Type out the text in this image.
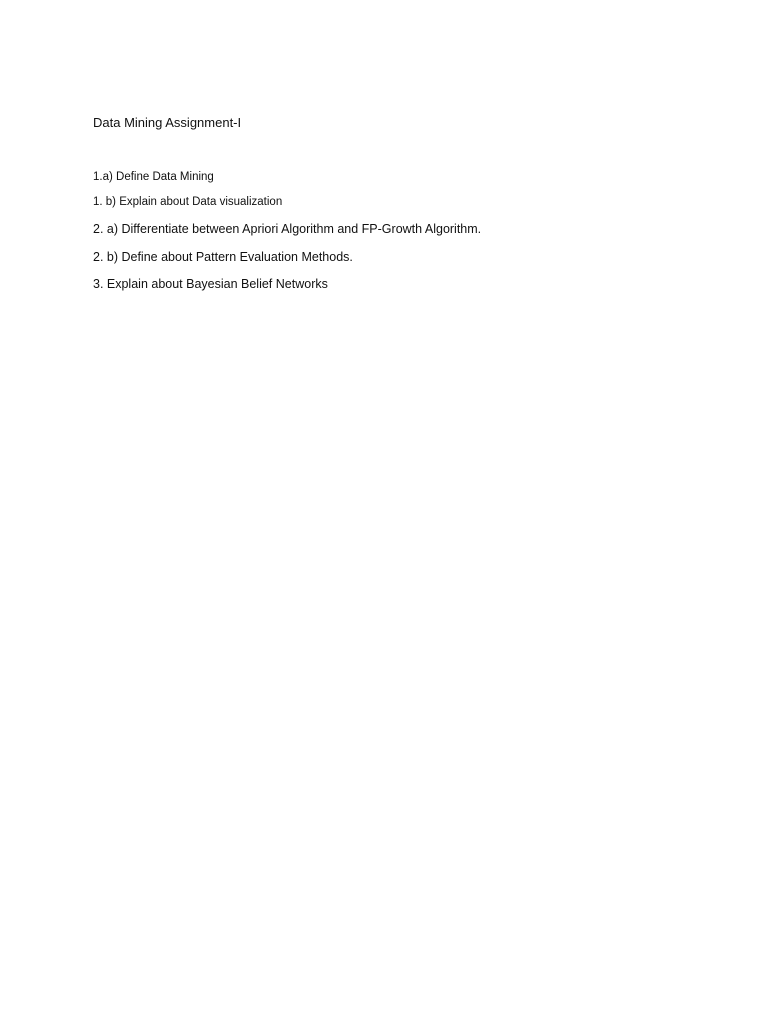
Data Mining Assignment-I
1.a) Define Data Mining
1. b) Explain about Data visualization
2. a) Differentiate between Apriori Algorithm and FP-Growth Algorithm.
2. b) Define about Pattern Evaluation Methods.
3. Explain about Bayesian Belief Networks
